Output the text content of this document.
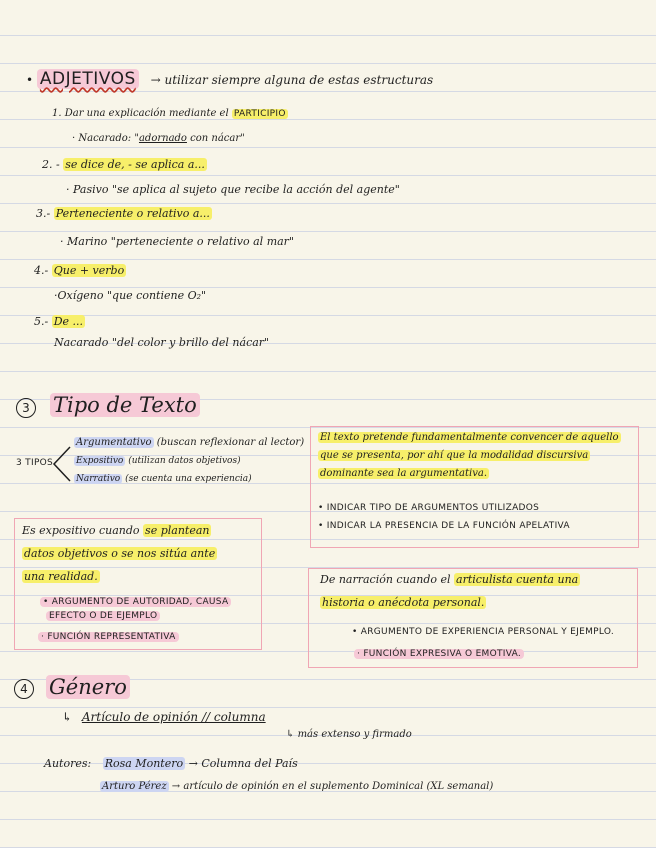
• ADJETIVOS → utilizar siempre alguna de estas estructuras
1. Dar una explicación mediante el PARTICIPIO
· Nacarado: "adornado con nácar"
2. - se dice de, - se aplica a...
· Pasivo "se aplica al sujeto que recibe la acción del agente"
3.- Perteneciente o relativo a...
· Marino "perteneciente o relativo al mar"
4.- Que + verbo
·Oxígeno "que contiene O₂"
5.- De ...
Nacarado "del color y brillo del nácar"
3 Tipo de Texto
3 TIPOS
Argumentativo (buscan reflexionar al lector)
Expositivo (utilizan datos objetivos)
Narrativo (se cuenta una experiencia)
El texto pretende fundamentalmente convencer de aquello
que se presenta, por ahí que la modalidad discursiva
dominante sea la argumentativa.
• INDICAR TIPO DE ARGUMENTOS UTILIZADOS
• INDICAR LA PRESENCIA DE LA FUNCIÓN APELATIVA
Es expositivo cuando se plantean
datos objetivos o se nos sitúa ante
una realidad.
• ARGUMENTO DE AUTORIDAD, CAUSA
EFECTO O DE EJEMPLO
· FUNCIÓN REPRESENTATIVA
De narración cuando el articulista cuenta una
historia o anécdota personal.
• ARGUMENTO DE EXPERIENCIA PERSONAL Y EJEMPLO.
· FUNCIÓN EXPRESIVA O EMOTIVA.
4 Género
↳ Artículo de opinión // columna
↳ más extenso y firmado
Autores: Rosa Montero → Columna del País
Arturo Pérez → artículo de opinión en el suplemento Dominical (XL semanal)
